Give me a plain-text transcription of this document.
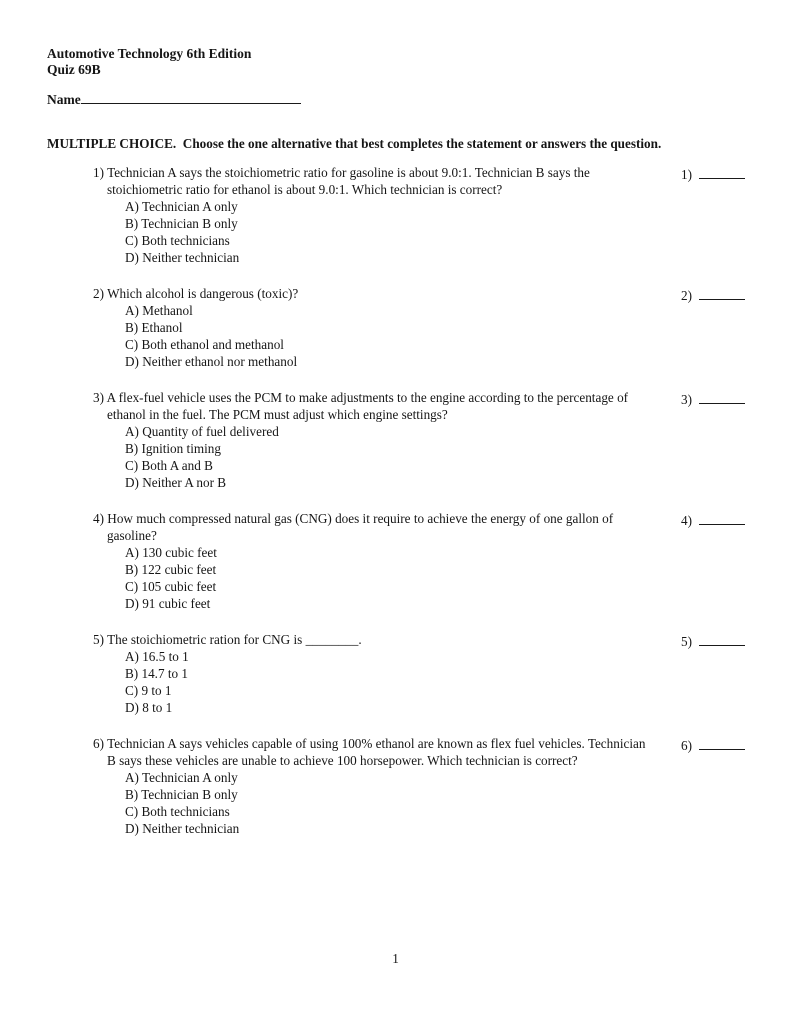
Automotive Technology 6th Edition
Quiz 69B
Name
MULTIPLE CHOICE.  Choose the one alternative that best completes the statement or answers the question.
1) Technician A says the stoichiometric ratio for gasoline is about 9.0:1. Technician B says the stoichiometric ratio for ethanol is about 9.0:1. Which technician is correct?
A) Technician A only
B) Technician B only
C) Both technicians
D) Neither technician
1)
2) Which alcohol is dangerous (toxic)?
A) Methanol
B) Ethanol
C) Both ethanol and methanol
D) Neither ethanol nor methanol
2)
3) A flex-fuel vehicle uses the PCM to make adjustments to the engine according to the percentage of ethanol in the fuel. The PCM must adjust which engine settings?
A) Quantity of fuel delivered
B) Ignition timing
C) Both A and B
D) Neither A nor B
3)
4) How much compressed natural gas (CNG) does it require to achieve the energy of one gallon of gasoline?
A) 130 cubic feet
B) 122 cubic feet
C) 105 cubic feet
D) 91 cubic feet
4)
5) The stoichiometric ration for CNG is ________.
A) 16.5 to 1
B) 14.7 to 1
C) 9 to 1
D) 8 to 1
5)
6) Technician A says vehicles capable of using 100% ethanol are known as flex fuel vehicles. Technician B says these vehicles are unable to achieve 100 horsepower. Which technician is correct?
A) Technician A only
B) Technician B only
C) Both technicians
D) Neither technician
6)
1
